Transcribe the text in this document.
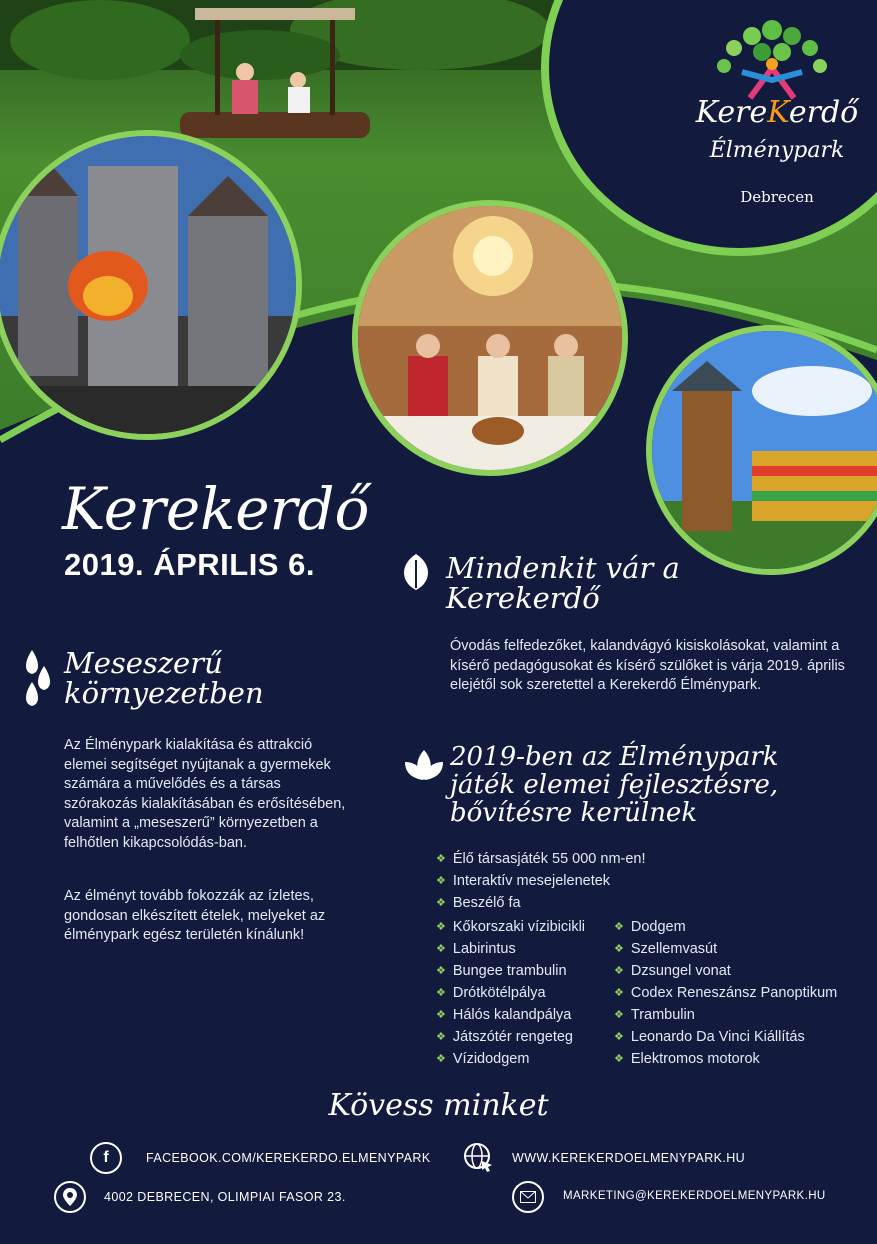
KereKerdő
Élménypark
Debrecen
Kerekerdő
2019. ÁPRILIS 6.
Meseszerű
környezetben
Az Élménypark kialakítása és attrakció elemei segítséget nyújtanak a gyermekek számára a művelődés és a társas szórakozás kialakításában és erősítésében, valamint a „meseszerű” környezetben a felhőtlen kikapcsolódás-ban.
Az élményt tovább fokozzák az ízletes, gondosan elkészített ételek, melyeket az élménypark egész területén kínálunk!
Mindenkit vár a
Kerekerdő
Óvodás felfedezőket, kalandvágyó kisiskolásokat, valamint a kísérő pedagógusokat és kísérő szülőket is várja 2019. április elejétől sok szeretettel a Kerekerdő Élménypark.
2019-ben az Élménypark
játék elemei fejlesztésre,
bővítésre kerülnek
❖ Élő társasjáték 55 000 nm-en!
❖ Interaktív mesejelenetek
❖ Beszélő fa
❖ Kőkorszaki vízibicikli
❖ Labirintus
❖ Bungee trambulin
❖ Drótkötélpálya
❖ Hálós kalandpálya
❖ Játszótér rengeteg
❖ Vízidodgem
❖ Dodgem
❖ Szellemvasút
❖ Dzsungel vonat
❖ Codex Reneszánsz Panoptikum
❖ Trambulin
❖ Leonardo Da Vinci Kiállítás
❖ Elektromos motorok
Kövess minket
f	FACEBOOK.COM/KEREKERDO.ELMENYPARK	WWW.KEREKERDOELMENYPARK.HU
4002 DEBRECEN, OLIMPIAI FASOR 23.	MARKETING@KEREKERDOELMENYPARK.HU
